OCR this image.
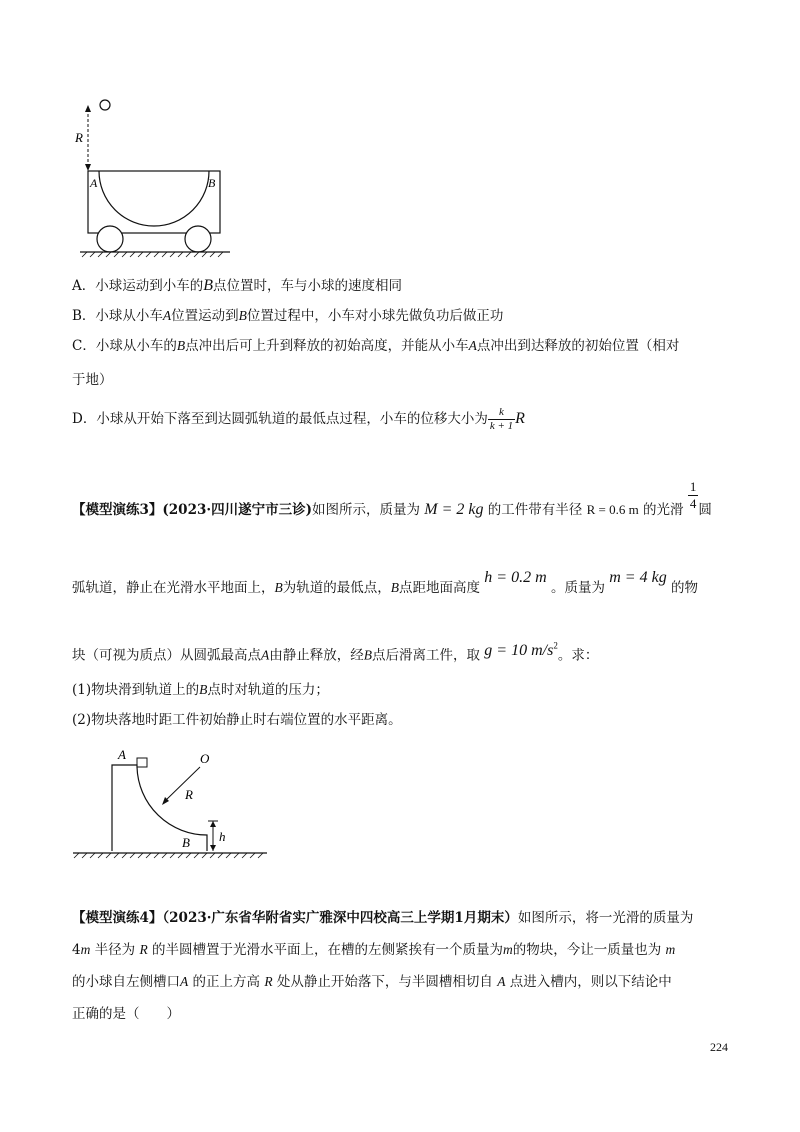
R
A	B
A．小球运动到小车的B点位置时，车与小球的速度相同
B．小球从小车A位置运动到B位置过程中，小车对小球先做负功后做正功
C．小球从小车的B点冲出后可上升到释放的初始高度，并能从小车A点冲出到达释放的初始位置（相对
于地）
D．小球从开始下落至到达圆弧轨道的最低点过程，小车的位移大小为 $\frac{k}{k + 1}$ R
【模型演练3】(2023·四川遂宁市三诊)如图所示，质量为 M = 2 kg 的工件带有半径 R = 0.6 m 的光滑 $\frac{1}{4}$ 圆
弧轨道，静止在光滑水平地面上，B为轨道的最低点，B点距地面高度 h = 0.2 m 。质量为 m = 4 kg 的物
块（可视为质点）从圆弧最高点A由静止释放，经B点后滑离工件，取 g = 10 $m/s^2$。求：
(1)物块滑到轨道上的B点时对轨道的压力；
(2)物块落地时距工件初始静止时右端位置的水平距离。
A	O
R
B h
【模型演练4】（2023·广东省华附省实广雅深中四校高三上学期1月期末）如图所示，将一光滑的质量为
4m 半径为 R 的半圆槽置于光滑水平面上，在槽的左侧紧挨有一个质量为m的物块，今让一质量也为 m
的小球自左侧槽口A 的正上方高 R 处从静止开始落下，与半圆槽相切自 A 点进入槽内，则以下结论中
正确的是（　　）
224
